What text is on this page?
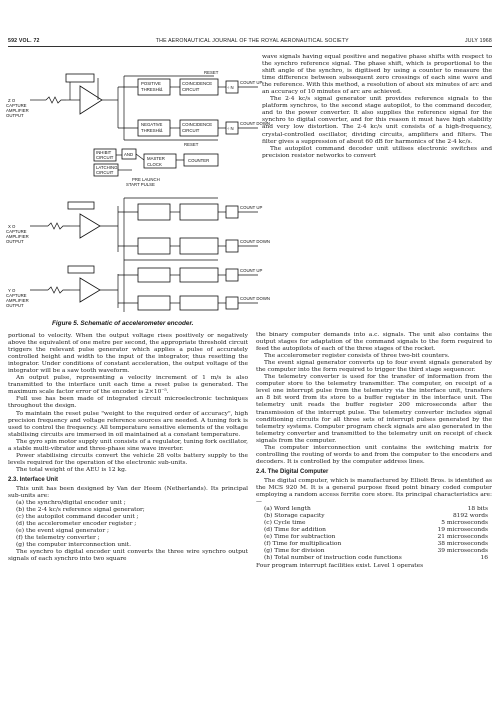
592 VOL. 72	THE AERONAUTICAL JOURNAL OF THE ROYAL AERONAUTICAL SOCIETY	JULY 1968
Z O
CAPTURE
AMPLIFIER
OUTPUT
RESET
POSITIVE
THRESHld.
NEGATIVE
THRESHld.
COINCIDENCE
CIRCUIT
COINCIDENCE
CIRCUIT
RESET
÷ N
÷ N
COUNT UP
COUNT DOWN
INHIBIT
CIRCUIT
AND
LATCHING
CIRCUIT
MASTER
CLOCK
COUNTER
PRE LAUNCH
START PULSE
X O
CAPTURE
AMPLIFIER
OUTPUT
COUNT UP
COUNT DOWN
Y O
CAPTURE
AMPLIFIER
OUTPUT
COUNT UP
COUNT DOWN
Figure 5. Schematic of accelerometer encoder.

wave signals having equal positive and negative phase shifts with respect to the synchro reference signal. The phase shift, which is proportional to the shift angle of the synchro, is digitised by using a counter to measure the time difference between subsequent zero crossings of each sine wave and the reference. With this method, a resolution of about six minutes of arc and an accuracy of 10 minutes of arc are achieved.

The 2·4 kc/s signal generator unit provides reference signals to the platform synchros, to the second stage autopilot, to the command decoder, and to the power converter. It also supplies the reference signal for the synchro to digital converter, and for this reason it must have high stability and very low distortion. The 2·4 kc/s unit consists of a high-frequency, crystal-controlled oscillator, dividing circuits, amplifiers and filters. The filter gives a suppression of about 60 dB for harmonics of the 2·4 kc/s.

The autopilot command decoder unit utilises electronic switches and precision resistor networks to convert

portional to velocity. When the output voltage rises positively or negatively above the equivalent of one metre per second, the appropriate threshold circuit triggers the relevant pulse generator which applies a pulse of accurately controlled height and width to the input of the integrator, thus resetting the integrator. Under conditions of constant acceleration, the output voltage of the integrator will be a saw tooth waveform.

An output pulse, representing a velocity increment of 1 m/s is also transmitted to the interface unit each time a reset pulse is generated. The maximum scale factor error of the encoder is 2×10⁻⁵.

Full use has been made of integrated circuit microelectronic techniques throughout the design.

To maintain the reset pulse "weight to the required order of accuracy", high precision frequency and voltage reference sources are needed. A tuning fork is used to control the frequency. All temperature sensitive elements of the voltage stabilising circuits are immersed in oil maintained at a constant temperature.

The gyro spin motor supply unit consists of a regulator, tuning fork oscillator, a stable multi-vibrator and three-phase sine wave inverter.

Power stabilising circuits convert the vehicle 28 volts battery supply to the levels required for the operation of the electronic sub-units.

The total weight of the AEU is 12 kg.

2.3. Interface Unit

This unit has been designed by Van der Heem (Netherlands). Its principal sub-units are:

(a) the synchro/digital encoder unit ;
(b) the 2·4 kc/s reference signal generator;
(c) the autopilot command decoder unit ;
(d) the accelerometer encoder register ;
(e) the event signal generator ;
(f) the telemetry converter ;
(g) the computer interconnection unit.

The synchro to digital encoder unit converts the three wire synchro output signals of each synchro into two square

the binary computer demands into a.c. signals. The unit also contains the output stages for adaptation of the command signals to the form required to feed the autopilots of each of the three stages of the rocket.

The accelerometer register consists of three two-bit counters.

The event signal generator converts up to four event signals generated by the computer into the form required to trigger the third stage sequencer.

The telemetry converter is used for the transfer of information from the computer store to the telemetry transmitter. The computer, on receipt of a level one interrupt pulse from the telemetry via the interface unit, transfers an 8 bit word from its store to a buffer register in the interface unit. The telemetry unit reads the buffer register 200 microseconds after the transmission of the interrupt pulse. The telemetry converter includes signal conditioning circuits for all three sets of interrupt pulses generated by the telemetry systems. Computer program check signals are also generated in the telemetry converter and transmitted to the telemetry unit on receipt of check signals from the computer.

The computer interconnection unit contains the switching matrix for controlling the routing of words to and from the computer to the encoders and decoders. It is controlled by the computer address lines.

2.4. The Digital Computer

The digital computer, which is manufactured by Elliott Bros. is identified as the MCS 920 M. It is a general purpose fixed point binary coded computer employing a random access ferrite core store. Its principal characteristics are:—

(a) Word length	18 bits
(b) Storage capacity	8192 words
(c) Cycle time	5 microseconds
(d) Time for addition	19 microseconds
(e) Time for subtraction	21 microseconds
(f) Time for multiplication	38 microseconds
(g) Time for division	39 microseconds
(h) Total number of instruction code functions	16

Four program interrupt facilities exist. Level 1 operates
